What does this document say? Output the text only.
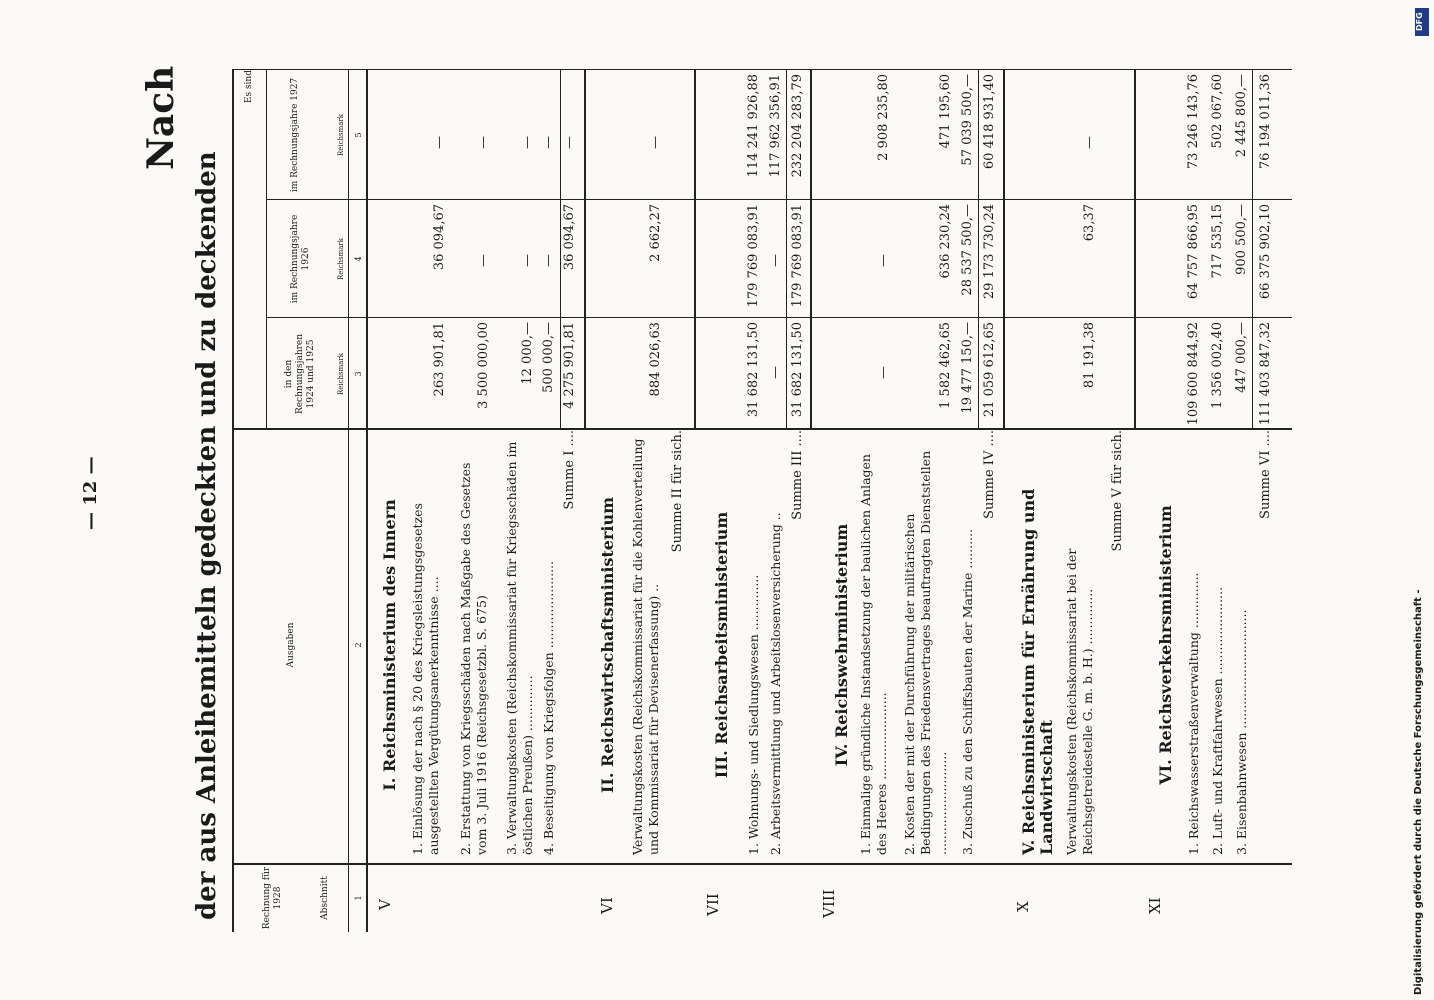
Digitalisierung gefördert durch die Deutsche Forschungsgemeinschaft -
DFG
— 12 —
Nach
der aus Anleihemitteln gedeckten und zu deckenden	Rechnung für 1928	Abschnitt
Ausgaben
Es sind
in den Rechnungsjahren 1924 und 1925
im Rechnungsjahre 1926
im Rechnungsjahre 1927
Reichsmark
Reichsmark
Reichsmark
1
2
3
4
5
V
I. Reichsministerium des Innern 1. Einlösung der nach § 20 des Kriegsleistungsgesetzes ausgestellten Vergütungsanerkenntnisse ....
263 901,81
36 094,67
—
2. Erstattung von Kriegsschäden nach Maßgabe des Gesetzes vom 3. Juli 1916 (Reichsgesetzbl. S. 675)
3 500 000,00
—
—
3. Verwaltungskosten (Reichskommissariat für Kriegsschäden im östlichen Preußen) ..............
12 000,—
—
—
4. Beseitigung von Kriegsfolgen ......................
500 000,—
—
—
Summe I ....
4 275 901,81
36 094,67
—
VI
II. Reichswirtschaftsministerium Verwaltungskosten (Reichskommissariat für die Kohlenverteilung und Kommissariat für Devisenerfassung) ..
884 026,63
2 662,27
—
Summe II für sich.
VII
III. Reichsarbeitsministerium 1. Wohnungs- und Siedlungswesen ..............
31 682 131,50
179 769 083,91
114 241 926,88
2. Arbeitsvermittlung und Arbeitslosenversicherung ..
—
—
117 962 356,91
Summe III ....
31 682 131,50
179 769 083,91
232 204 283,79
VIII
IV. Reichswehrministerium 1. Einmalige gründliche Instandsetzung der baulichen Anlagen des Heeres ......................
—
—
2 908 235,80
2. Kosten der mit der Durchführung der militärischen Bedingungen des Friedensvertrages beauftragten Dienststellen ..........................
1 582 462,65
636 230,24
471 195,60
3. Zuschuß zu den Schiffsbauten der Marine ..........
19 477 150,—
28 537 500,—
57 039 500,—
Summe IV ....
21 059 612,65
29 173 730,24
60 418 931,40
X
V. Reichsministerium für Ernährung und Landwirtschaft Verwaltungskosten (Reichskommissariat bei der Reichsgetreidestelle G. m. b. H.) ..............
81 191,38
63,37
—
Summe V für sich.
XI
VI. Reichsverkehrsministerium 1. Reichswasserstraßenverwaltung ..............
109 600 844,92
64 757 866,95
73 246 143,76
2. Luft- und Kraftfahrwesen ......................
1 356 002,40
717 535,15
502 067,60
3. Eisenbahnwesen ..............................
447 000,—
900 500,—
2 445 800,—
Summe VI ....
111 403 847,32
66 375 902,10
76 194 011,36
